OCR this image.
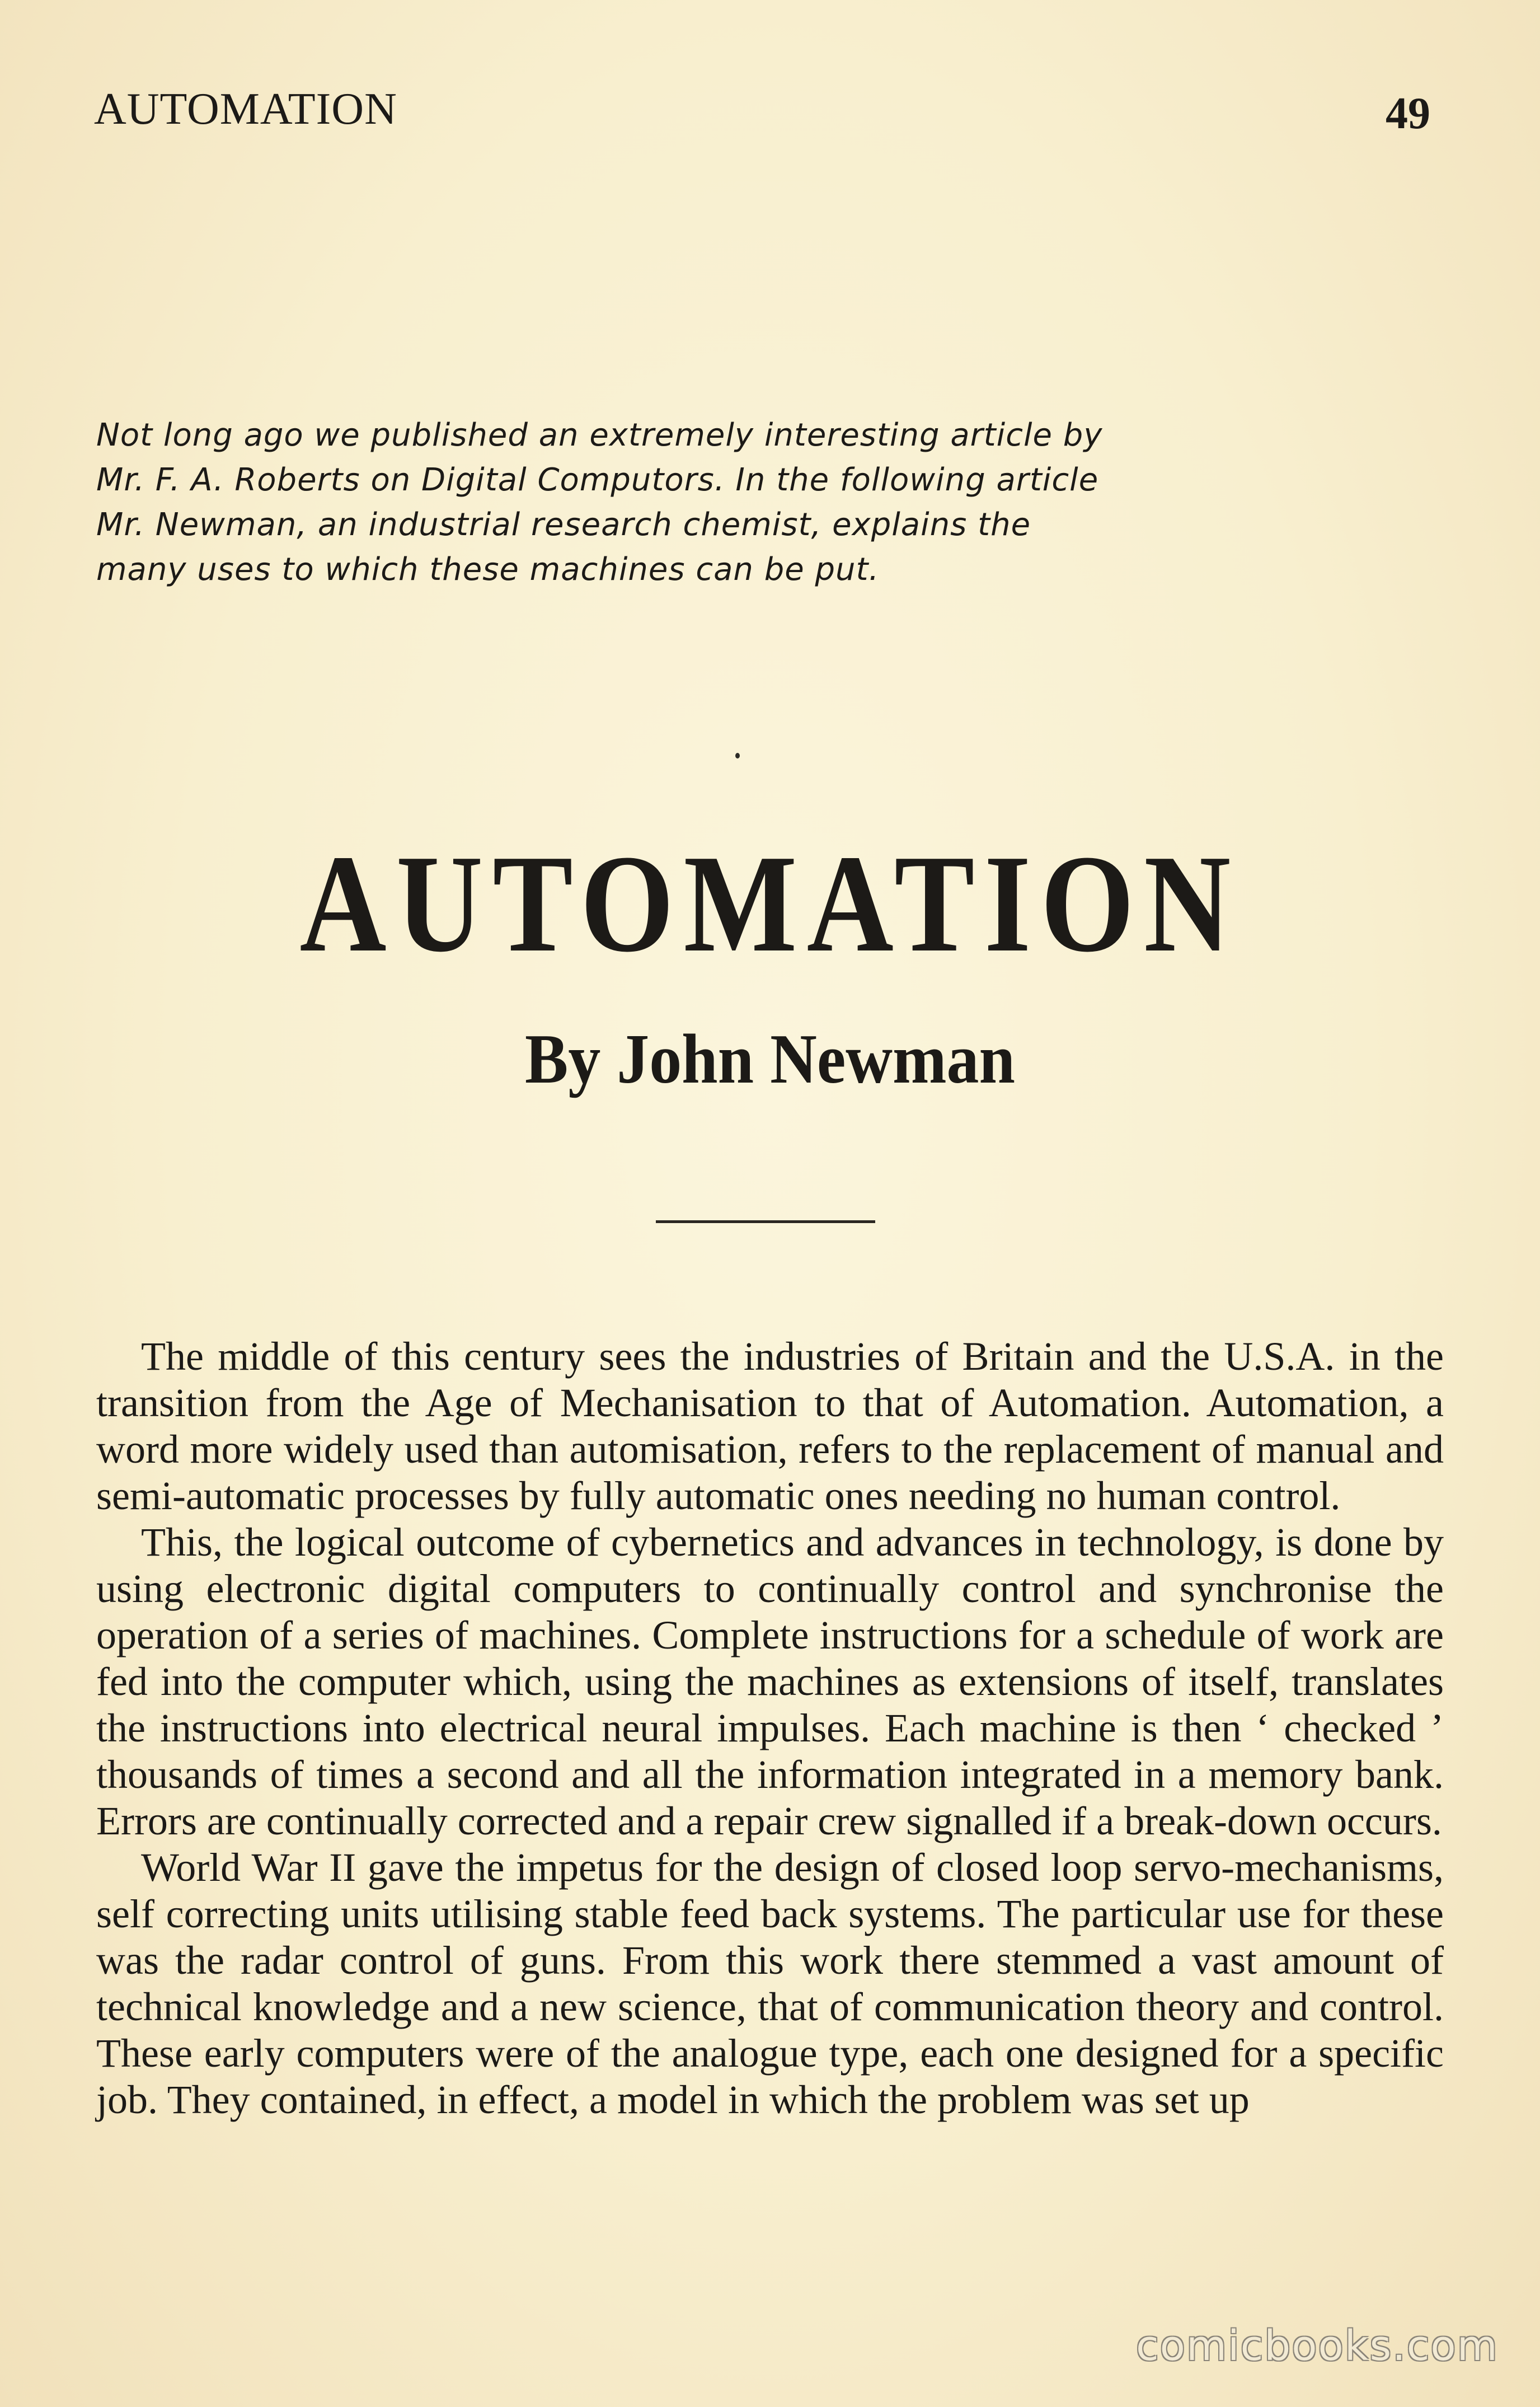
AUTOMATION	49
Not long ago we published an extremely interesting article by Mr. F. A. Roberts on Digital Computors. In the following article Mr. Newman, an industrial research chemist, explains the many uses to which these machines can be put.
AUTOMATION
By John Newman

The middle of this century sees the industries of Britain and the U.S.A. in the transition from the Age of Mechanisation to that of Automation. Automation, a word more widely used than automisation, refers to the replacement of manual and semi-automatic processes by fully automatic ones needing no human control.

This, the logical outcome of cybernetics and advances in technology, is done by using electronic digital computers to continually control and synchronise the operation of a series of machines. Complete instructions for a schedule of work are fed into the computer which, using the machines as extensions of itself, translates the instructions into electrical neural impulses. Each machine is then ‘ checked ’ thousands of times a second and all the information integrated in a memory bank. Errors are continually corrected and a repair crew signalled if a break-down occurs.

World War II gave the impetus for the design of closed loop servo-mechanisms, self correcting units utilising stable feed back systems. The particular use for these was the radar control of guns. From this work there stemmed a vast amount of technical knowledge and a new science, that of communication theory and control. These early computers were of the analogue type, each one designed for a specific job. They contained, in effect, a model in which the problem was set up

comicbooks.com
